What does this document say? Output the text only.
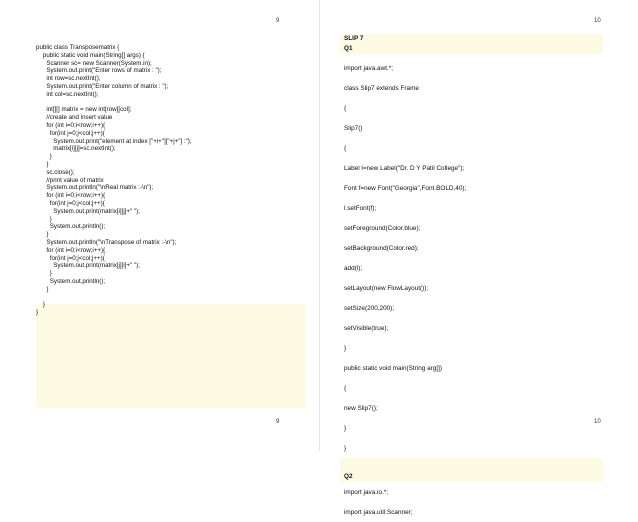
9
public class Transposematrix {
public static void main(String[] args) {
Scanner sc= new Scanner(System.in);
System.out.print("Enter rows of matrix : ");
int row=sc.nextInt();
System.out.print("Enter column of matrix : ");
int col=sc.nextInt();
int[][] matrix = new int[row][col];
//create and insert value
for (int i=0;i<row;i++){
for(int j=0;j<col;j++){
System.out.print("element at index ["+i+"]["+j+"] :");
matrix[i][j]=sc.nextInt();
}
}
sc.close();
//print value of matrix
System.out.println("\nReal matrix :-\n");
for (int i=0;i<row;i++){
for(int j=0;j<col;j++){
System.out.print(matrix[i][j]+" ");
}
System.out.println();
}
System.out.println("\nTranspose of matrix :-\n");
for (int i=0;i<row;i++){
for(int j=0;j<col;j++){
System.out.print(matrix[j][i]+" ");
}
System.out.println();
}
}
}
9
10
10
SLIP 7
Q1
import java.awt.*;
class Slip7 extends Frame
{
Slip7()
{
Label l=new Label("Dr. D Y Patil College");
Font f=new Font("Georgia",Font.BOLD,40);
l.setFont(f);
setForeground(Color.blue);
setBackground(Color.red);
add(l);
setLayout(new FlowLayout());
setSize(200,200);
setVisible(true);
}
public static void main(String arg[])
{
new Slip7();
}
}
Q2
import java.io.*;
import java.util.Scanner;
